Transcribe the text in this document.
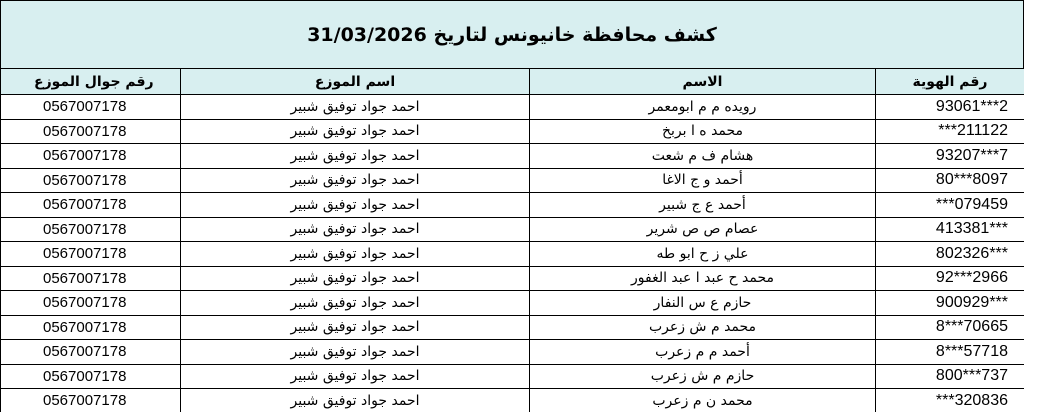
كشف محافظة خانيونس لتاريخ 31/03/2026
رقم جوال الموزع	اسم الموزع	الاسم	رقم الهوية
0567007178	احمد جواد توفيق شبير	رويده م م ابومعمر	93061***2
0567007178	احمد جواد توفيق شبير	محمد ه ا بربخ	***211122
0567007178	احمد جواد توفيق شبير	هشام ف م شعت	93207***7
0567007178	احمد جواد توفيق شبير	أحمد و ج الاغا	80***8097
0567007178	احمد جواد توفيق شبير	أحمد ع ج شبير	***079459
0567007178	احمد جواد توفيق شبير	عصام ص ص شرير	413381***
0567007178	احمد جواد توفيق شبير	علي ز ح ابو طه	802326***
0567007178	احمد جواد توفيق شبير	محمد ح عبد ا عبد الغفور	92***2966
0567007178	احمد جواد توفيق شبير	حازم ع س النفار	900929***
0567007178	احمد جواد توفيق شبير	محمد م ش زعرب	8***70665
0567007178	احمد جواد توفيق شبير	أحمد م م زعرب	8***57718
0567007178	احمد جواد توفيق شبير	حازم م ش زعرب	800***737
0567007178	احمد جواد توفيق شبير	محمد ن م زعرب	***320836
